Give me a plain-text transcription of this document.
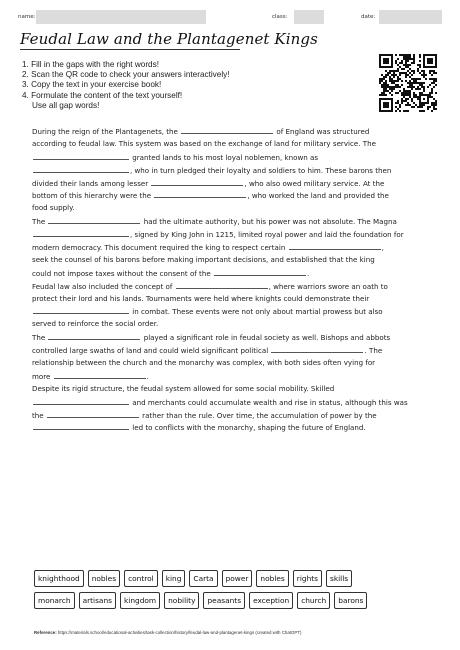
name:	class:	date:
Feudal Law and the Plantagenet Kings
1. Fill in the gaps with the right words!
2. Scan the QR code to check your answers interactively!
3. Copy the text in your exercise book!
4. Formulate the content of the text yourself!
Use all gap words!
During the reign of the Plantagenets, the	of England was structured
according to feudal law. This system was based on the exchange of land for military service. The
granted lands to his most loyal noblemen, known as
, who in turn pledged their loyalty and soldiers to him. These barons then
divided their lands among lesser	, who also owed military service. At the
bottom of this hierarchy were the	, who worked the land and provided the
food supply.
The	had the ultimate authority, but his power was not absolute. The Magna
, signed by King John in 1215, limited royal power and laid the foundation for
modern democracy. This document required the king to respect certain	,
seek the counsel of his barons before making important decisions, and established that the king
could not impose taxes without the consent of the	.
Feudal law also included the concept of	, where warriors swore an oath to
protect their lord and his lands. Tournaments were held where knights could demonstrate their
in combat. These events were not only about martial prowess but also
served to reinforce the social order.
The	played a significant role in feudal society as well. Bishops and abbots
controlled large swaths of land and could wield significant political	. The
relationship between the church and the monarchy was complex, with both sides often vying for
more	.
Despite its rigid structure, the feudal system allowed for some social mobility. Skilled
and merchants could accumulate wealth and rise in status, although this was
the	rather than the rule. Over time, the accumulation of power by the
led to conflicts with the monarchy, shaping the future of England.
knighthood	nobles	control	king	Carta	power	nobles	rights	skills
monarch	artisans	kingdom	nobility	peasants	exception	church	barons
Reference: https://materials.school/educational-activities/task-collection/history/feudal-law-and-plantagenet-kings (created with ChatGPT)
